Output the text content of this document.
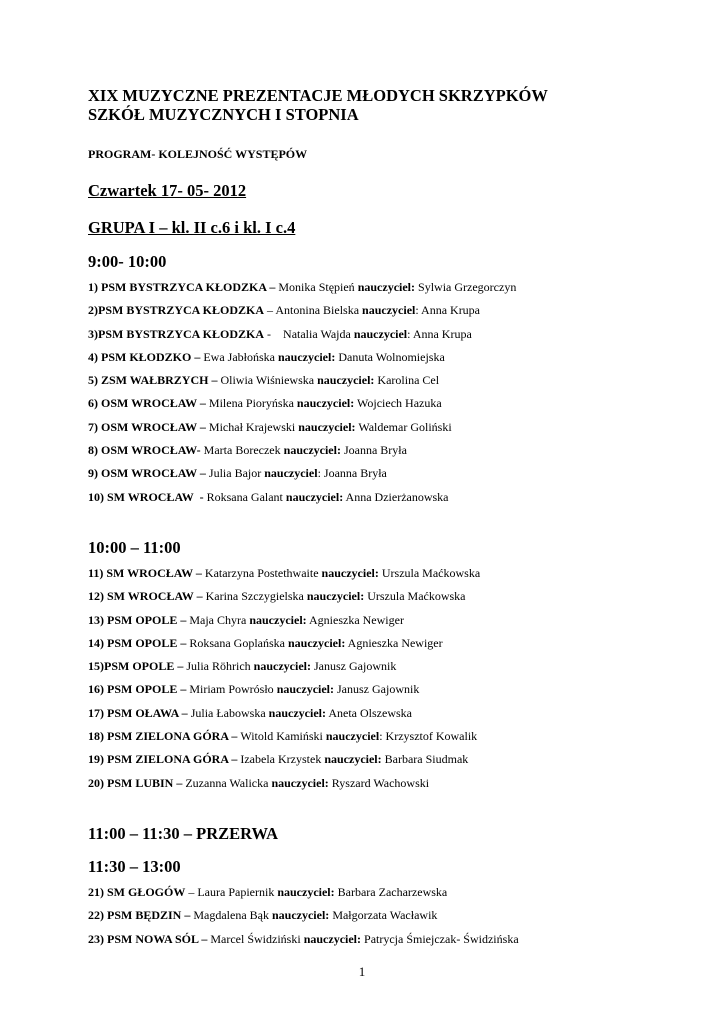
XIX MUZYCZNE PREZENTACJE MŁODYCH SKRZYPKÓW
SZKÓŁ MUZYCZNYCH I STOPNIA

PROGRAM- KOLEJNOŚĆ WYSTĘPÓW

Czwartek 17- 05- 2012

GRUPA I – kl. II c.6 i kl. I c.4

9:00- 10:00

1) PSM BYSTRZYCA KŁODZKA – Monika Stępień nauczyciel: Sylwia Grzegorczyn
2)PSM BYSTRZYCA KŁODZKA – Antonina Bielska nauczyciel: Anna Krupa
3)PSM BYSTRZYCA KŁODZKA -    Natalia Wajda nauczyciel: Anna Krupa
4) PSM KŁODZKO – Ewa Jabłońska nauczyciel: Danuta Wolnomiejska
5) ZSM WAŁBRZYCH – Oliwia Wiśniewska nauczyciel: Karolina Cel
6) OSM WROCŁAW – Milena Piorуńska nauczyciel: Wojciech Hazuka
7) OSM WROCŁAW – Michał Krajewski nauczyciel: Waldemar Goliński
8) OSM WROCŁAW- Marta Boreczek nauczyciel: Joanna Bryła
9) OSM WROCŁAW – Julia Bajor nauczyciel: Joanna Bryła
10) SM WROCŁAW  - Roksana Galant nauczyciel: Anna Dzierżanowska

10:00 – 11:00

11) SM WROCŁAW – Katarzyna Postethwaite nauczyciel: Urszula Maćkowska
12) SM WROCŁAW – Karina Szczygielska nauczyciel: Urszula Maćkowska
13) PSM OPOLE – Maja Chyra nauczyciel: Agnieszka Newiger
14) PSM OPOLE – Roksana Goplańska nauczyciel: Agnieszka Newiger
15)PSM OPOLE – Julia Röhrich nauczyciel: Janusz Gajownik
16) PSM OPOLE – Miriam Powrósło nauczyciel: Janusz Gajownik
17) PSM OŁAWA – Julia Łabowska nauczyciel: Aneta Olszewska
18) PSM ZIELONA GÓRA – Witold Kamiński nauczyciel: Krzysztof Kowalik
19) PSM ZIELONA GÓRA – Izabela Krzystek nauczyciel: Barbara Siudmak
20) PSM LUBIN – Zuzanna Walicka nauczyciel: Ryszard Wachowski

11:00 – 11:30 – PRZERWA

11:30 – 13:00

21) SM GŁOGÓW – Laura Papiernik nauczyciel: Barbara Zacharzewska
22) PSM BĘDZIN – Magdalena Bąk nauczyciel: Małgorzata Wacławik
23) PSM NOWA SÓL – Marcel Świdziński nauczyciel: Patrycja Śmiejczak- Świdzińska
1
